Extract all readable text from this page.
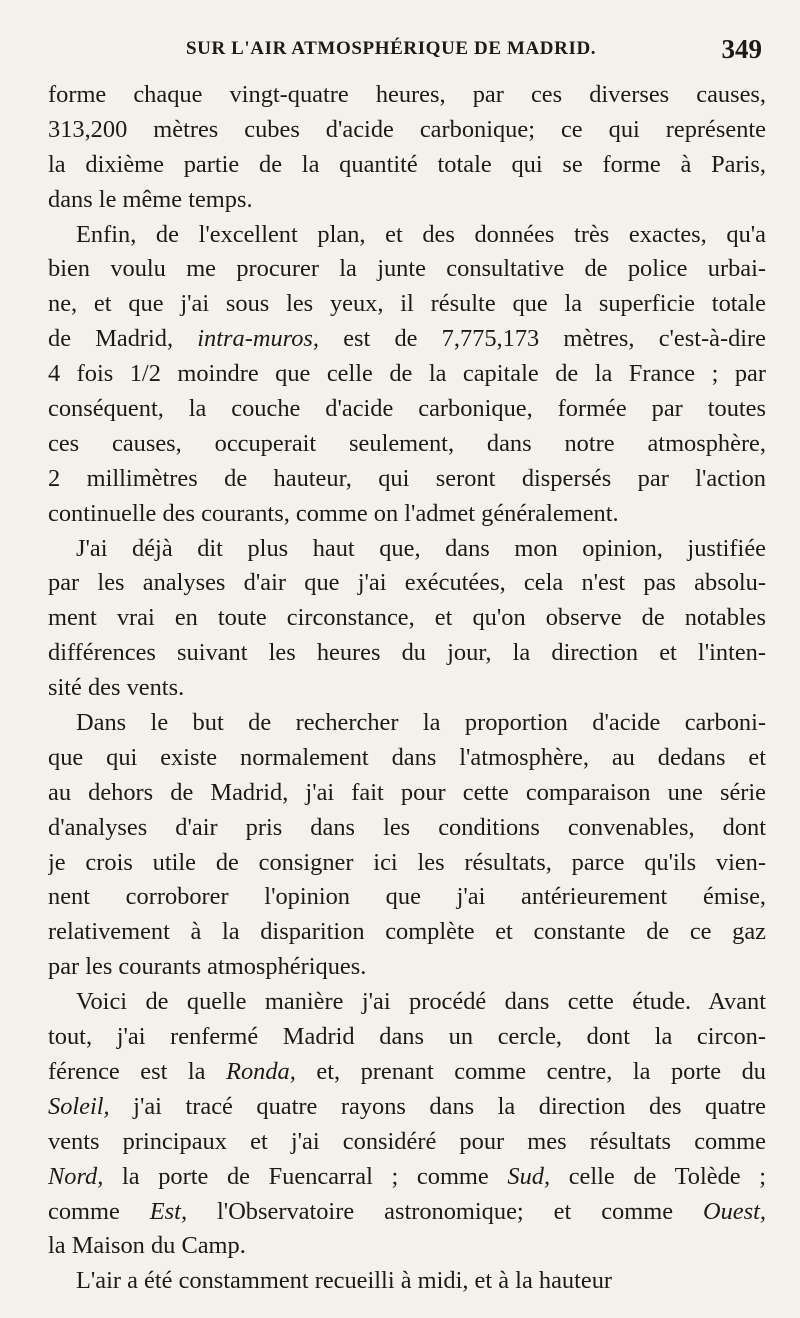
SUR L'AIR ATMOSPHÉRIQUE DE MADRID.	349
forme chaque vingt-quatre heures, par ces diverses causes,
313,200 mètres cubes d'acide carbonique; ce qui représente
la dixième partie de la quantité totale qui se forme à Paris,
dans le même temps.
Enfin, de l'excellent plan, et des données très exactes, qu'a
bien voulu me procurer la junte consultative de police urbai-
ne, et que j'ai sous les yeux, il résulte que la superficie totale
de Madrid, intra-muros, est de 7,775,173 mètres, c'est-à-dire
4 fois 1/2 moindre que celle de la capitale de la France ; par
conséquent, la couche d'acide carbonique, formée par toutes
ces causes, occuperait seulement, dans notre atmosphère,
2 millimètres de hauteur, qui seront dispersés par l'action
continuelle des courants, comme on l'admet généralement.
J'ai déjà dit plus haut que, dans mon opinion, justifiée
par les analyses d'air que j'ai exécutées, cela n'est pas absolu-
ment vrai en toute circonstance, et qu'on observe de notables
différences suivant les heures du jour, la direction et l'inten-
sité des vents.
Dans le but de rechercher la proportion d'acide carboni-
que qui existe normalement dans l'atmosphère, au dedans et
au dehors de Madrid, j'ai fait pour cette comparaison une série
d'analyses d'air pris dans les conditions convenables, dont
je crois utile de consigner ici les résultats, parce qu'ils vien-
nent corroborer l'opinion que j'ai antérieurement émise,
relativement à la disparition complète et constante de ce gaz
par les courants atmosphériques.
Voici de quelle manière j'ai procédé dans cette étude. Avant
tout, j'ai renfermé Madrid dans un cercle, dont la circon-
férence est la Ronda, et, prenant comme centre, la porte du
Soleil, j'ai tracé quatre rayons dans la direction des quatre
vents principaux et j'ai considéré pour mes résultats comme
Nord, la porte de Fuencarral ; comme Sud, celle de Tolède ;
comme Est, l'Observatoire astronomique; et comme Ouest,
la Maison du Camp.
L'air a été constamment recueilli à midi, et à la hauteur
